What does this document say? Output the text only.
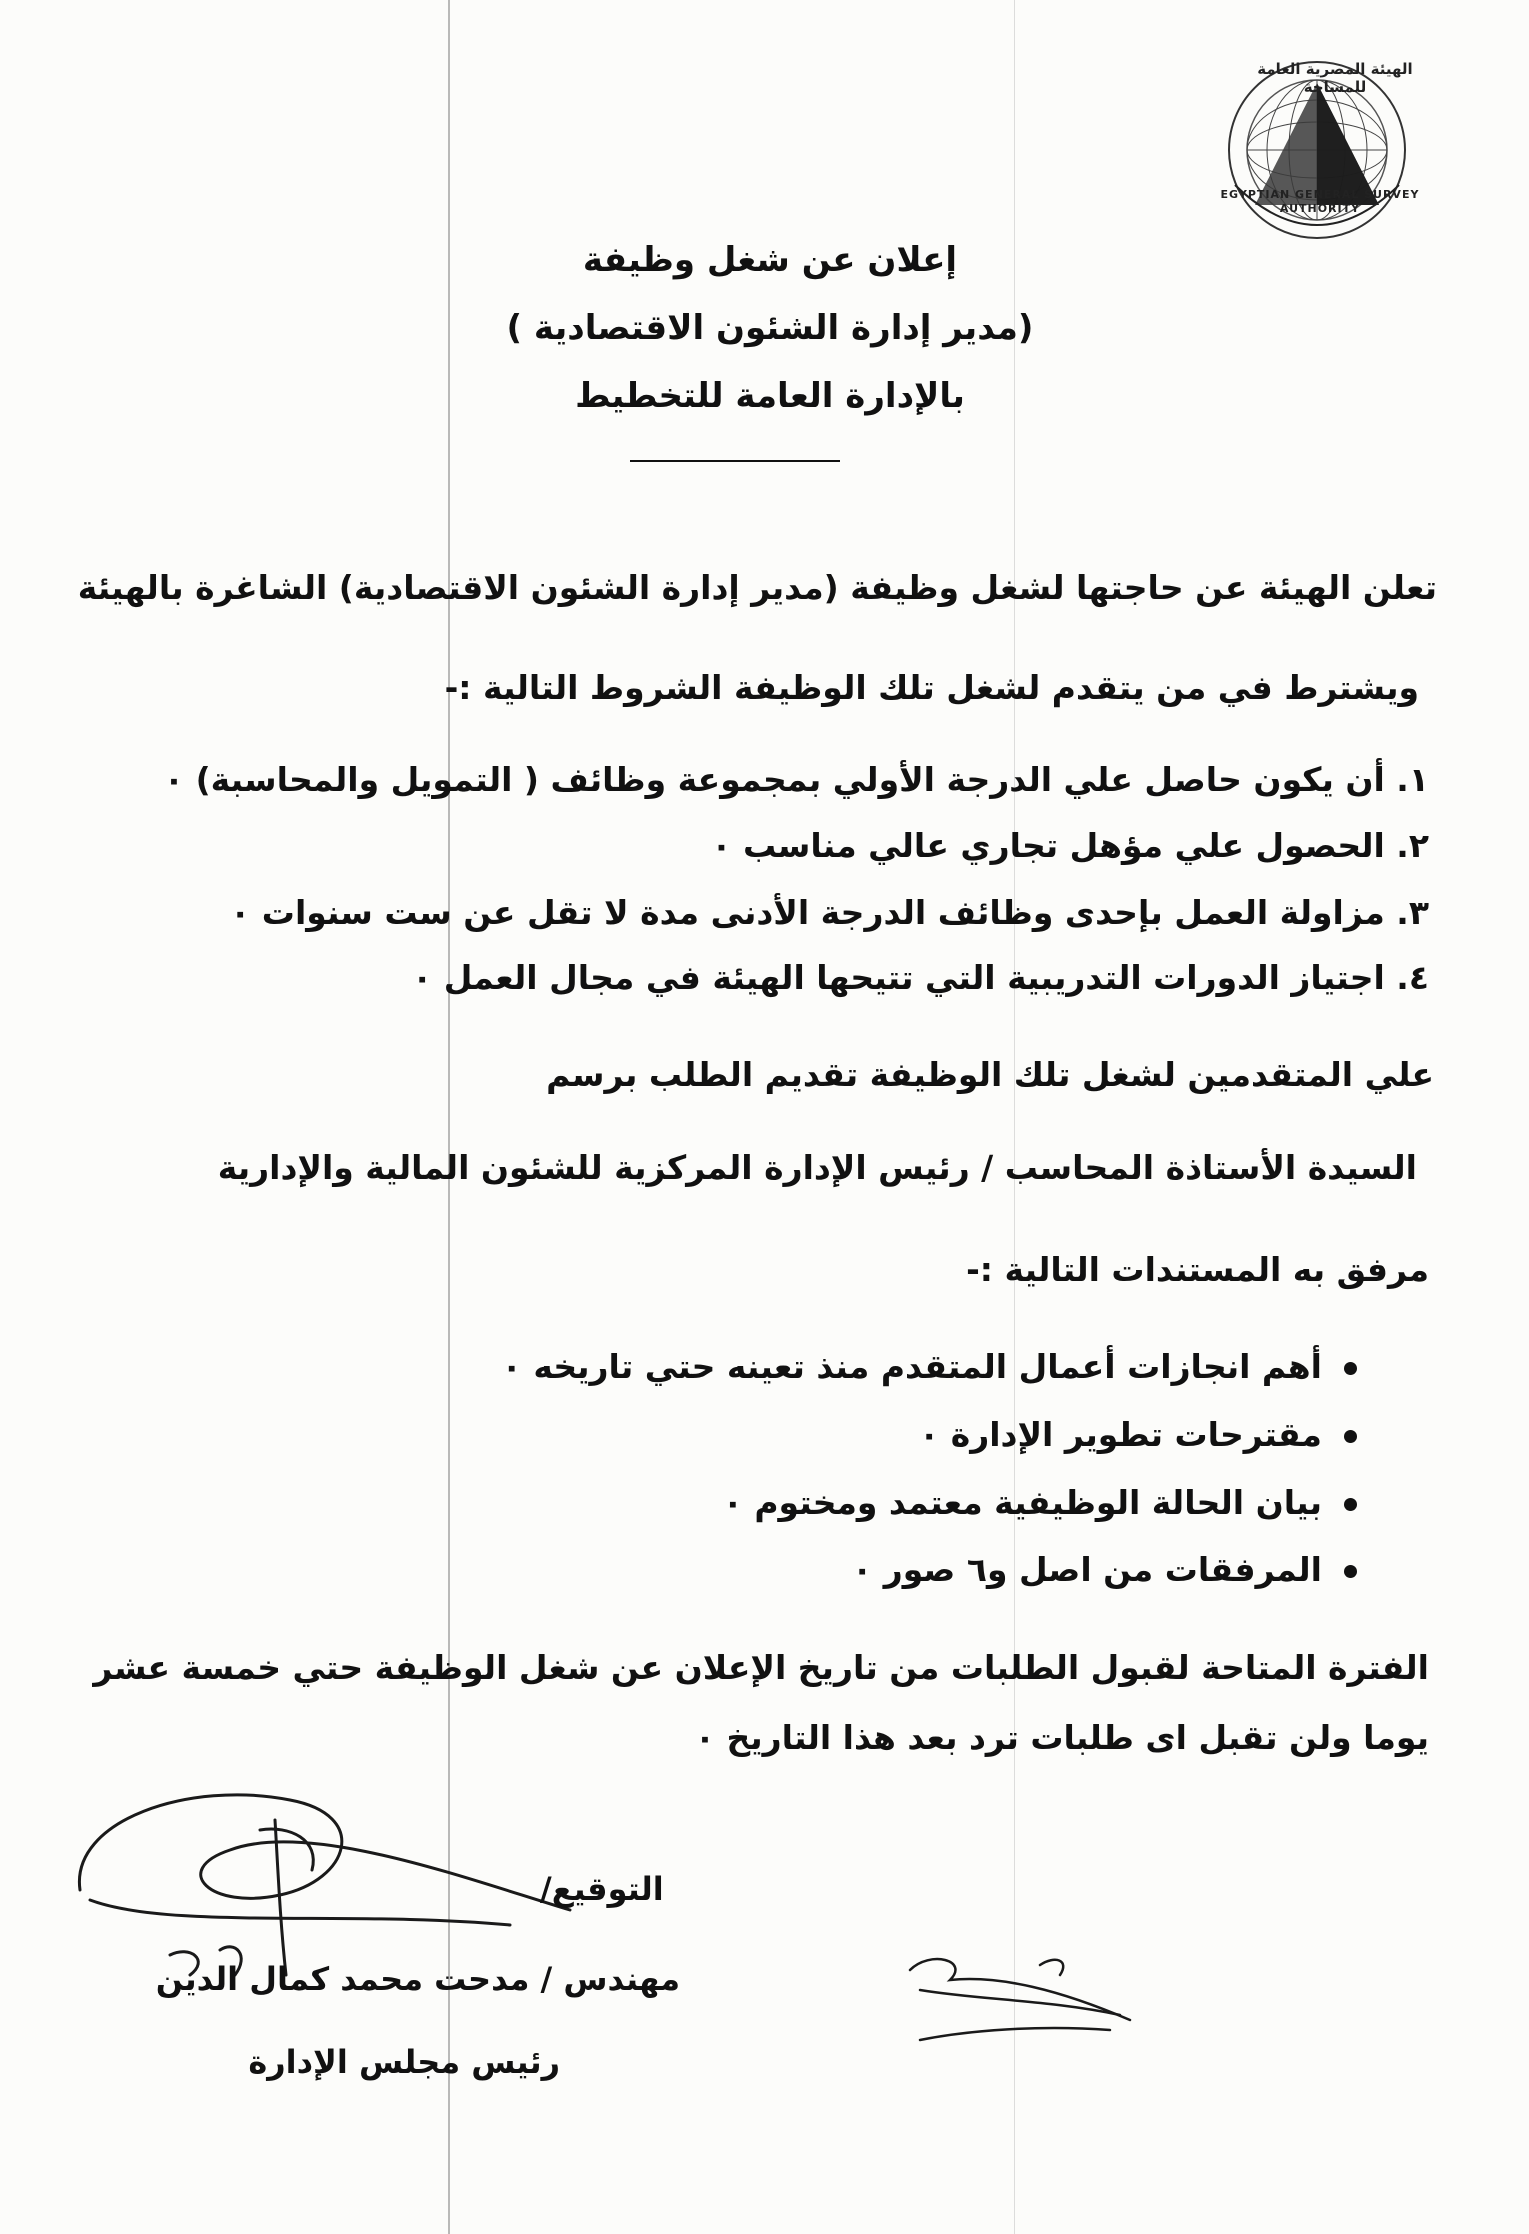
الهيئة المصرية العامة للمساحة
EGYPTIAN GENERAL SURVEY
AUTHORITY
إعلان عن شغل وظيفة
(مدير إدارة الشئون الاقتصادية )
بالإدارة العامة للتخطيط
تعلن الهيئة عن حاجتها لشغل وظيفة (مدير إدارة الشئون الاقتصادية) الشاغرة بالهيئة
ويشترط في من يتقدم لشغل تلك الوظيفة الشروط التالية :-
١. أن يكون حاصل علي الدرجة الأولي بمجموعة وظائف ( التمويل والمحاسبة) ٠
٢. الحصول علي مؤهل تجاري عالي مناسب ٠
٣. مزاولة العمل بإحدى وظائف الدرجة الأدنى مدة لا تقل عن ست سنوات ٠
٤. اجتياز الدورات التدريبية التي تتيحها الهيئة في مجال العمل ٠
علي المتقدمين لشغل تلك الوظيفة تقديم الطلب برسم
السيدة الأستاذة المحاسب / رئيس الإدارة المركزية للشئون المالية والإدارية
مرفق به المستندات التالية :-
أهم انجازات أعمال المتقدم منذ تعينه حتي تاريخه ٠
مقترحات تطوير الإدارة ٠
بيان الحالة الوظيفية معتمد ومختوم ٠
المرفقات من اصل و٦ صور ٠
الفترة المتاحة لقبول الطلبات من تاريخ الإعلان عن شغل الوظيفة حتي خمسة عشر
يوما ولن تقبل اى طلبات ترد بعد هذا التاريخ ٠
التوقيع/
مهندس / مدحت محمد كمال الدين
رئيس مجلس الإدارة
